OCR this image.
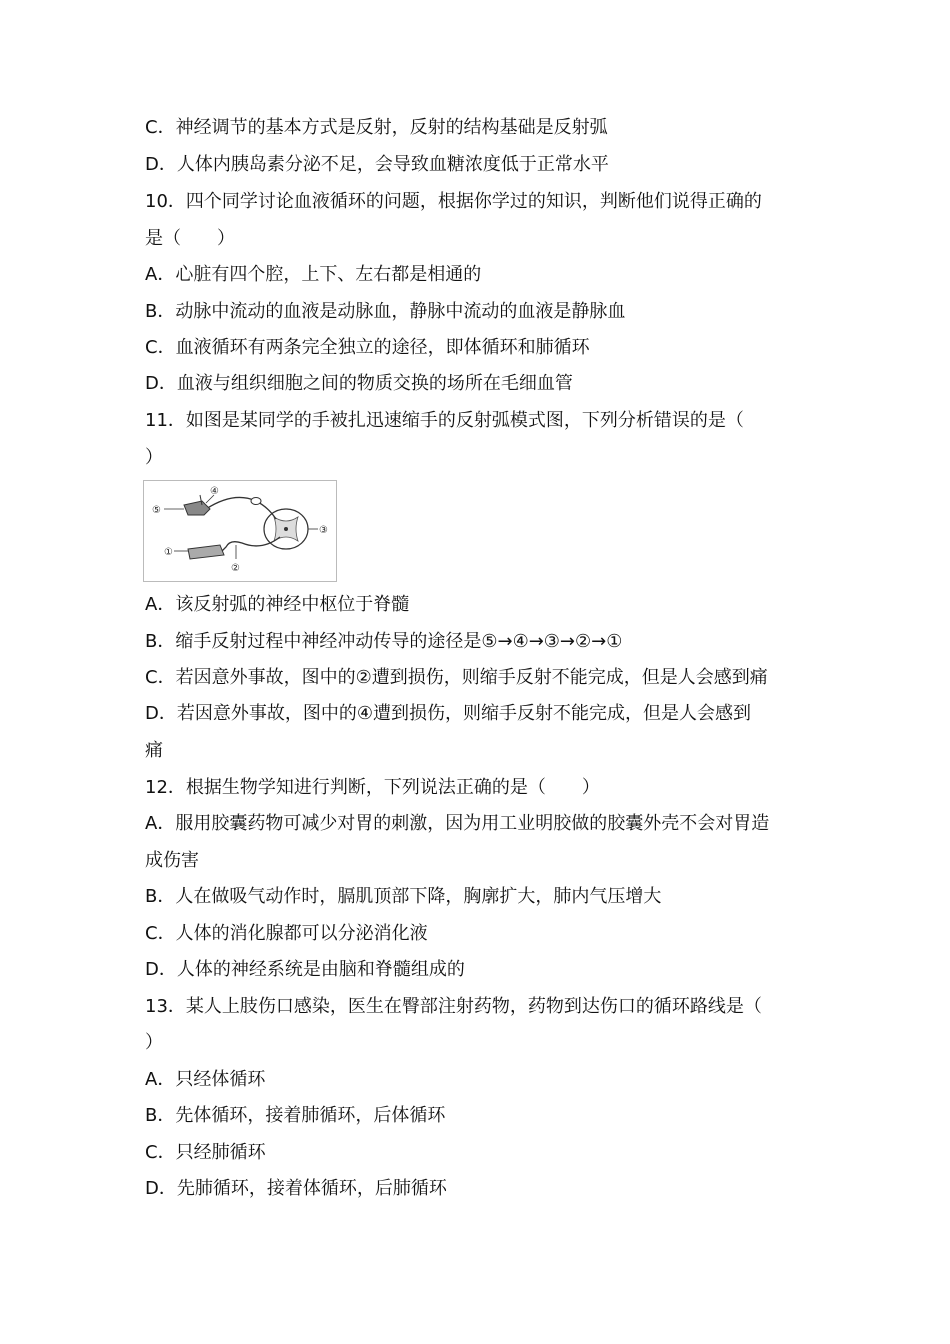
C．神经调节的基本方式是反射，反射的结构基础是反射弧
D．人体内胰岛素分泌不足，会导致血糖浓度低于正常水平
10．四个同学讨论血液循环的问题，根据你学过的知识，判断他们说得正确的
是（　　）
A．心脏有四个腔，上下、左右都是相通的
B．动脉中流动的血液是动脉血，静脉中流动的血液是静脉血
C．血液循环有两条完全独立的途径，即体循环和肺循环
D．血液与组织细胞之间的物质交换的场所在毛细血管
11．如图是某同学的手被扎迅速缩手的反射弧模式图，下列分析错误的是（
）
①
②
③
④
⑤
A．该反射弧的神经中枢位于脊髓
B．缩手反射过程中神经冲动传导的途径是⑤→④→③→②→①
C．若因意外事故，图中的②遭到损伤，则缩手反射不能完成，但是人会感到痛
D．若因意外事故，图中的④遭到损伤，则缩手反射不能完成，但是人会感到
痛
12．根据生物学知进行判断，下列说法正确的是（　　）
A．服用胶囊药物可减少对胃的刺激，因为用工业明胶做的胶囊外壳不会对胃造
成伤害
B．人在做吸气动作时，膈肌顶部下降，胸廓扩大，肺内气压增大
C．人体的消化腺都可以分泌消化液
D．人体的神经系统是由脑和脊髓组成的
13．某人上肢伤口感染，医生在臀部注射药物，药物到达伤口的循环路线是（
）
A．只经体循环
B．先体循环，接着肺循环，后体循环
C．只经肺循环
D．先肺循环，接着体循环，后肺循环
